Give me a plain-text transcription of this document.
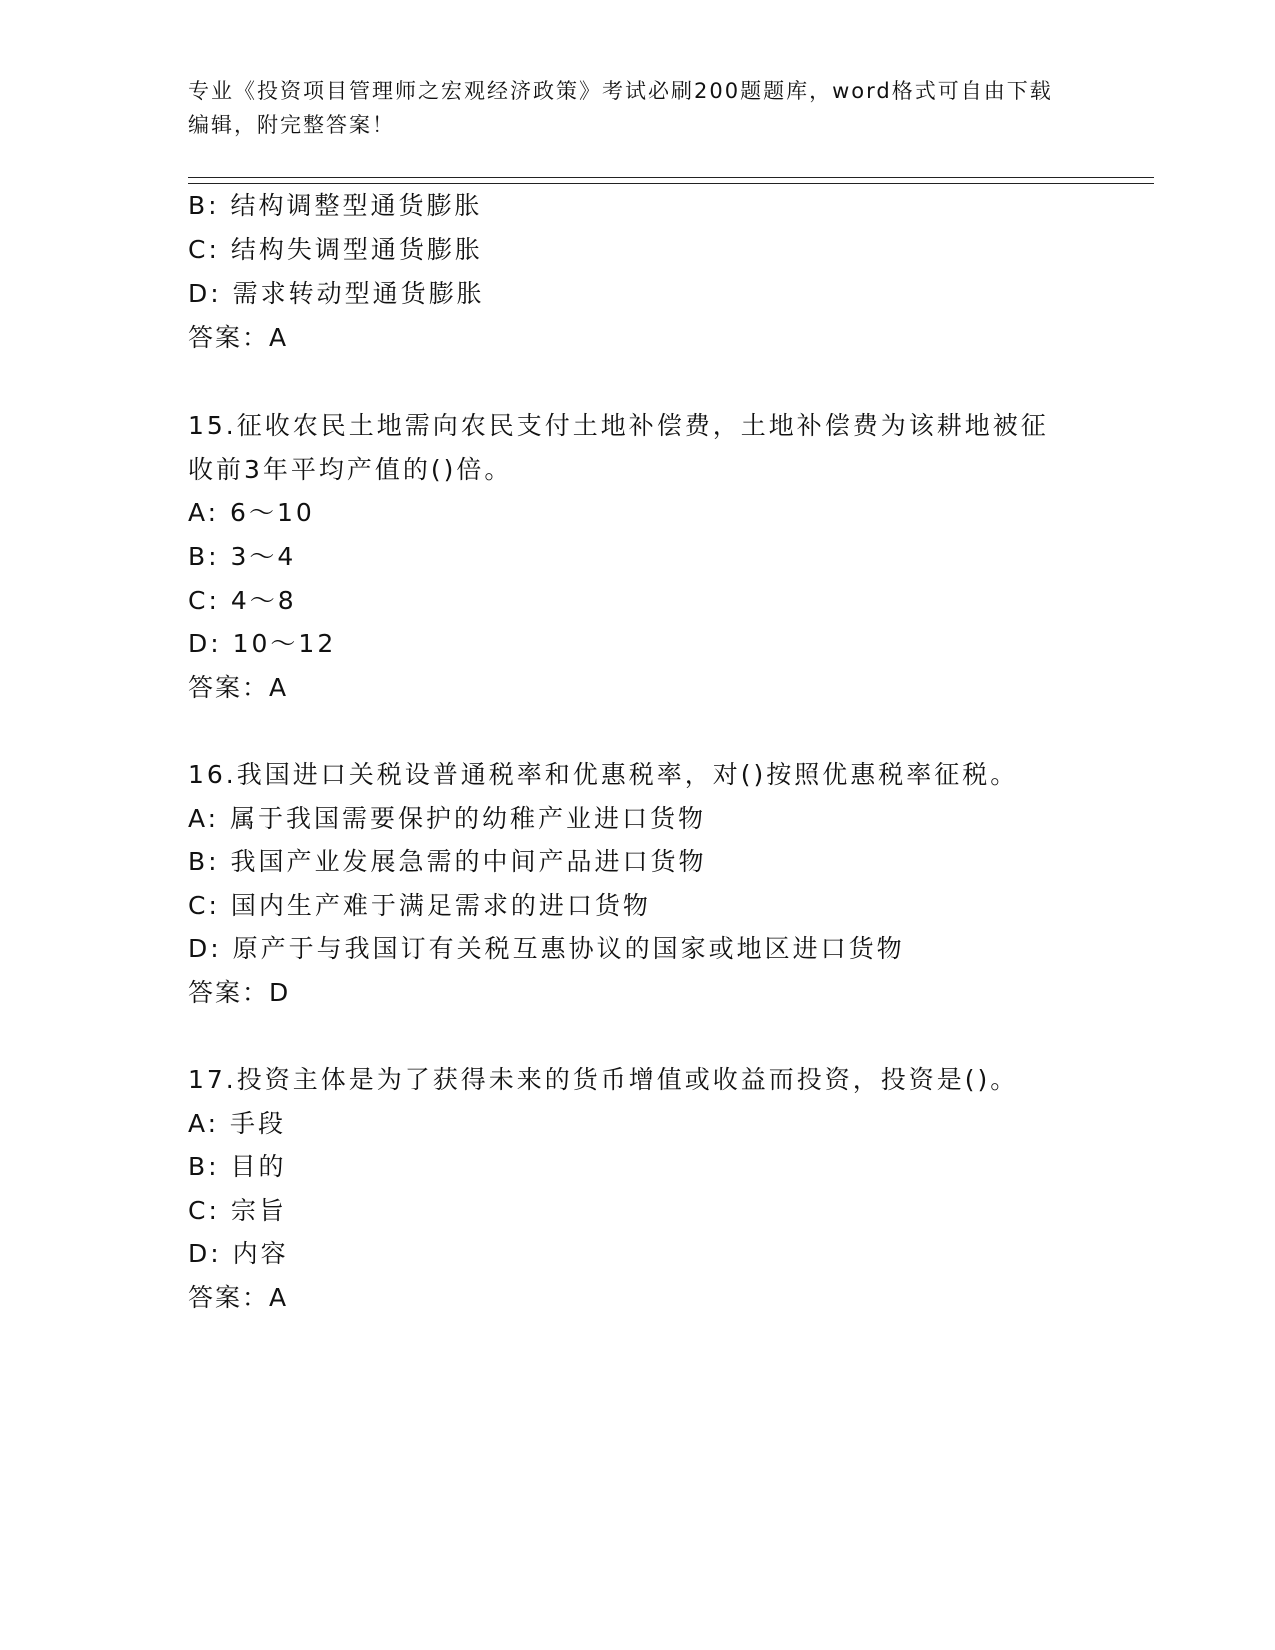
专业《投资项目管理师之宏观经济政策》考试必刷200题题库，word格式可自由下载编辑，附完整答案！
B: 结构调整型通货膨胀
C: 结构失调型通货膨胀
D: 需求转动型通货膨胀
答案：A
15.征收农民土地需向农民支付土地补偿费，土地补偿费为该耕地被征
收前3年平均产值的()倍。
A: 6～10
B: 3～4
C: 4～8
D: 10～12
答案：A
16.我国进口关税设普通税率和优惠税率，对()按照优惠税率征税。
A: 属于我国需要保护的幼稚产业进口货物
B: 我国产业发展急需的中间产品进口货物
C: 国内生产难于满足需求的进口货物
D: 原产于与我国订有关税互惠协议的国家或地区进口货物
答案：D
17.投资主体是为了获得未来的货币增值或收益而投资，投资是()。
A: 手段
B: 目的
C: 宗旨
D: 内容
答案：A
